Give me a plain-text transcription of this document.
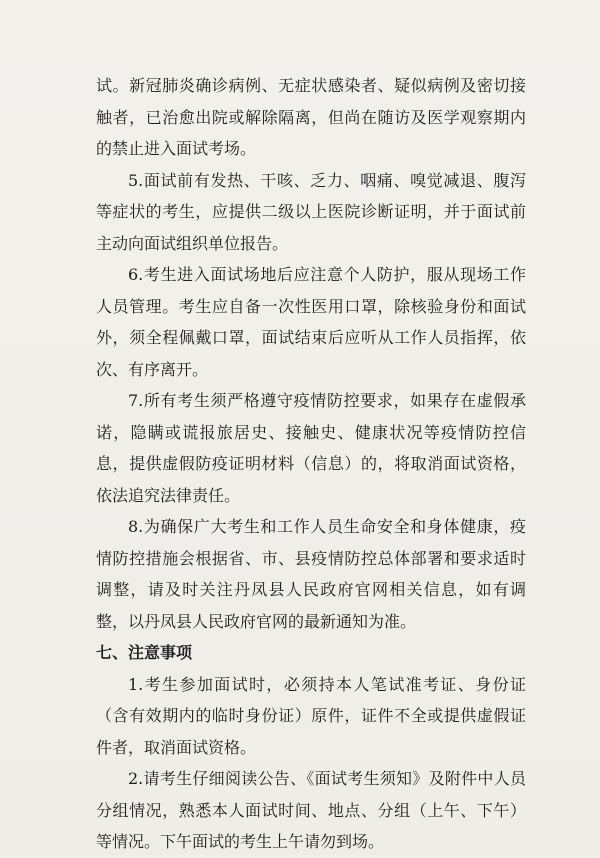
试。新冠肺炎确诊病例、无症状感染者、疑似病例及密切接触者，已治愈出院或解除隔离，但尚在随访及医学观察期内的禁止进入面试考场。

5.面试前有发热、干咳、乏力、咽痛、嗅觉减退、腹泻等症状的考生，应提供二级以上医院诊断证明，并于面试前主动向面试组织单位报告。

6.考生进入面试场地后应注意个人防护，服从现场工作人员管理。考生应自备一次性医用口罩，除核验身份和面试外，须全程佩戴口罩，面试结束后应听从工作人员指挥，依次、有序离开。

7.所有考生须严格遵守疫情防控要求，如果存在虚假承诺，隐瞒或谎报旅居史、接触史、健康状况等疫情防控信息，提供虚假防疫证明材料（信息）的，将取消面试资格，依法追究法律责任。

8.为确保广大考生和工作人员生命安全和身体健康，疫情防控措施会根据省、市、县疫情防控总体部署和要求适时调整，请及时关注丹凤县人民政府官网相关信息，如有调整，以丹凤县人民政府官网的最新通知为准。

七、注意事项

1.考生参加面试时，必须持本人笔试准考证、身份证（含有效期内的临时身份证）原件，证件不全或提供虚假证件者，取消面试资格。

2.请考生仔细阅读公告、《面试考生须知》及附件中人员分组情况，熟悉本人面试时间、地点、分组（上午、下午）等情况。下午面试的考生上午请勿到场。
